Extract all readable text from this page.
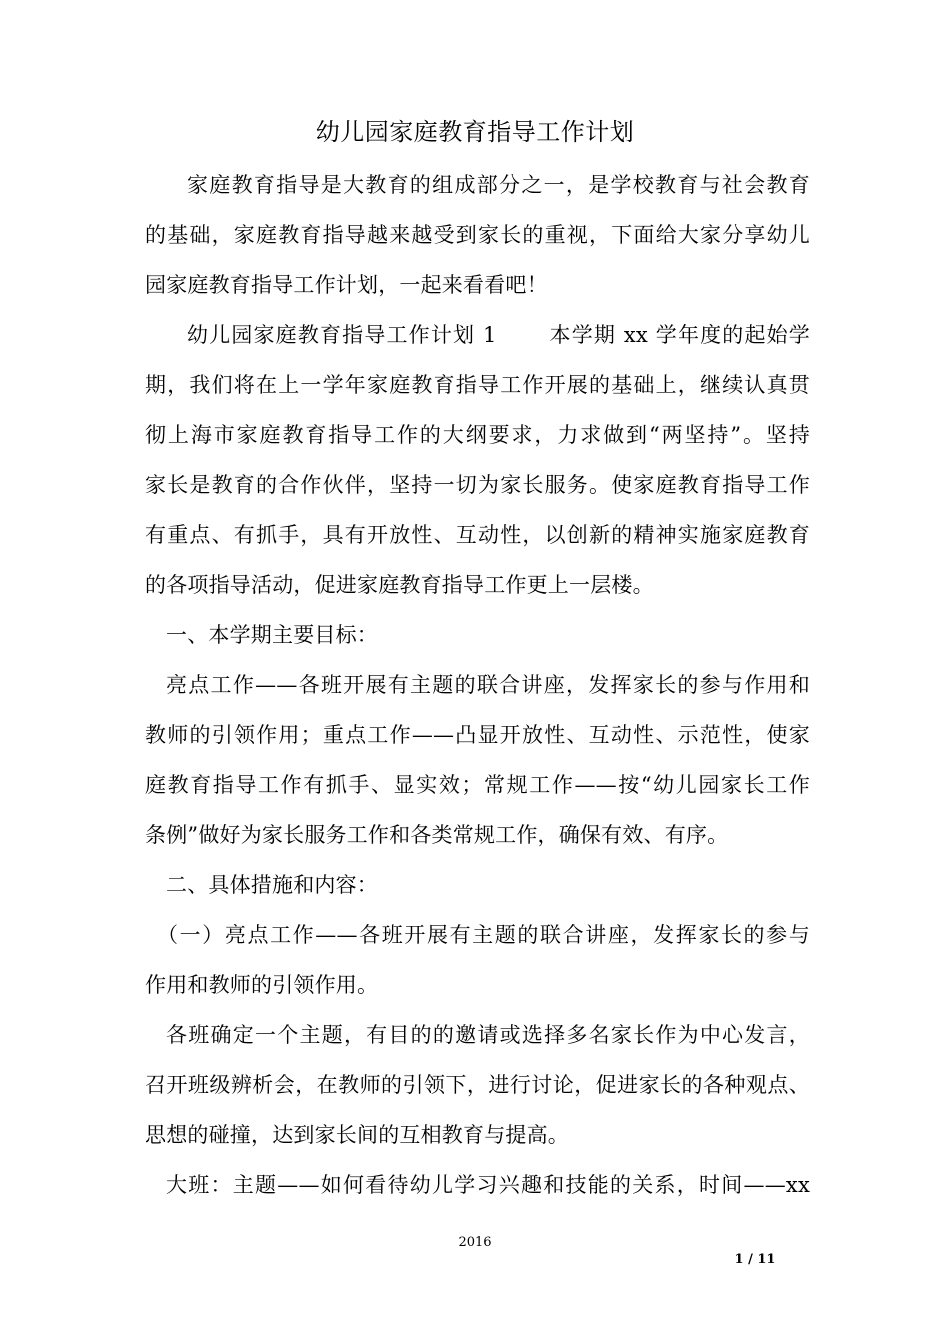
幼儿园家庭教育指导工作计划
家庭教育指导是大教育的组成部分之一，是学校教育与社会教育
的基础，家庭教育指导越来越受到家长的重视，下面给大家分享幼儿
园家庭教育指导工作计划，一起来看看吧！
幼儿园家庭教育指导工作计划 1 本学期 xx 学年度的起始学
期，我们将在上一学年家庭教育指导工作开展的基础上，继续认真贯
彻上海市家庭教育指导工作的大纲要求，力求做到“两坚持”。坚持
家长是教育的合作伙伴，坚持一切为家长服务。使家庭教育指导工作
有重点、有抓手，具有开放性、互动性，以创新的精神实施家庭教育
的各项指导活动，促进家庭教育指导工作更上一层楼。
一、本学期主要目标：
亮点工作——各班开展有主题的联合讲座，发挥家长的参与作用和
教师的引领作用；重点工作——凸显开放性、互动性、示范性，使家
庭教育指导工作有抓手、显实效；常规工作——按“幼儿园家长工作
条例”做好为家长服务工作和各类常规工作，确保有效、有序。
二、具体措施和内容：
（一）亮点工作——各班开展有主题的联合讲座，发挥家长的参与
作用和教师的引领作用。
各班确定一个主题，有目的的邀请或选择多名家长作为中心发言，
召开班级辨析会，在教师的引领下，进行讨论，促进家长的各种观点、
思想的碰撞，达到家长间的互相教育与提高。
大班：主题——如何看待幼儿学习兴趣和技能的关系，时间——xx
2016
1 / 11
